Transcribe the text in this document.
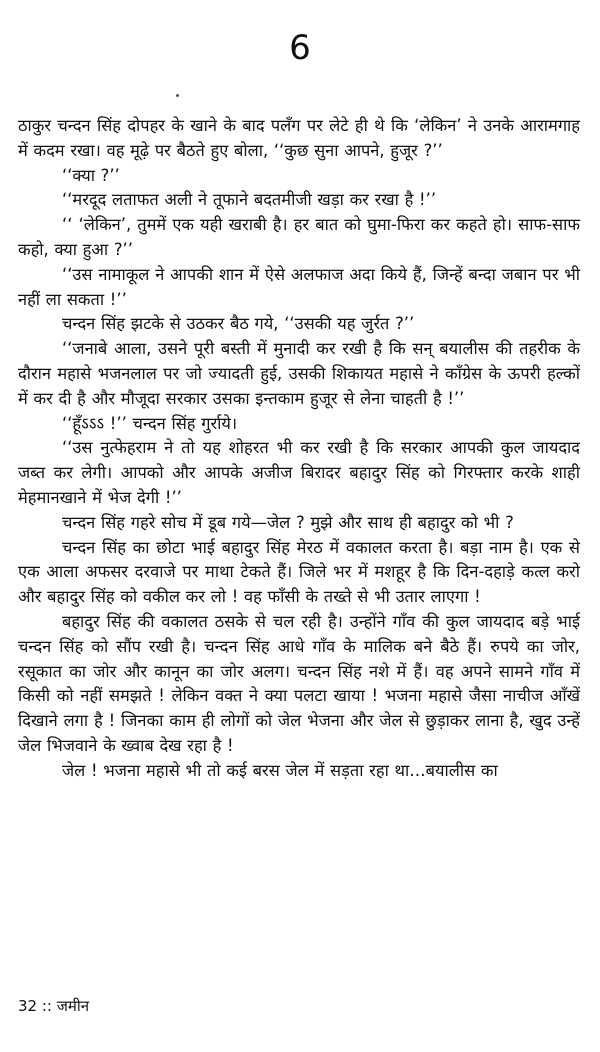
6

ठाकुर चन्दन सिंह दोपहर के खाने के बाद पलँग पर लेटे ही थे कि ‘लेकिन’ ने उनके आरामगाह में कदम रखा। वह मूढ़े पर बैठते हुए बोला, ‘‘कुछ सुना आपने, हुजूर ?’’

‘‘क्या ?’’

‘‘मरदूद लताफत अली ने तूफाने बदतमीजी खड़ा कर रखा है !’’

‘‘ ‘लेकिन’, तुममें एक यही खराबी है। हर बात को घुमा-फिरा कर कहते हो। साफ-साफ कहो, क्या हुआ ?’’

‘‘उस नामाकूल ने आपकी शान में ऐसे अलफाज अदा किये हैं, जिन्हें बन्दा जबान पर भी नहीं ला सकता !’’

चन्दन सिंह झटके से उठकर बैठ गये, ‘‘उसकी यह जुर्रत ?’’

‘‘जनाबे आला, उसने पूरी बस्ती में मुनादी कर रखी है कि सन् बयालीस की तहरीक के दौरान महासे भजनलाल पर जो ज्यादती हुई, उसकी शिकायत महासे ने काँग्रेस के ऊपरी हल्कों में कर दी है और मौजूदा सरकार उसका इन्तकाम हुजूर से लेना चाहती है !’’

‘‘हूँऽऽऽ !’’ चन्दन सिंह गुर्राये।

‘‘उस नुत्फेहराम ने तो यह शोहरत भी कर रखी है कि सरकार आपकी कुल जायदाद जब्त कर लेगी। आपको और आपके अजीज बिरादर बहादुर सिंह को गिरफ्तार करके शाही मेहमानखाने में भेज देगी !’’

चन्दन सिंह गहरे सोच में डूब गये—जेल ? मुझे और साथ ही बहादुर को भी ?

चन्दन सिंह का छोटा भाई बहादुर सिंह मेरठ में वकालत करता है। बड़ा नाम है। एक से एक आला अफसर दरवाजे पर माथा टेकते हैं। जिले भर में मशहूर है कि दिन-दहाड़े कत्ल करो और बहादुर सिंह को वकील कर लो ! वह फाँसी के तख्ते से भी उतार लाएगा !

बहादुर सिंह की वकालत ठसके से चल रही है। उन्होंने गाँव की कुल जायदाद बड़े भाई चन्दन सिंह को सौंप रखी है। चन्दन सिंह आधे गाँव के मालिक बने बैठे हैं। रुपये का जोर, रसूकात का जोर और कानून का जोर अलग। चन्दन सिंह नशे में हैं। वह अपने सामने गाँव में किसी को नहीं समझते ! लेकिन वक्त ने क्या पलटा खाया ! भजना महासे जैसा नाचीज आँखें दिखाने लगा है ! जिनका काम ही लोगों को जेल भेजना और जेल से छुड़ाकर लाना है, खुद उन्हें जेल भिजवाने के ख्वाब देख रहा है !

जेल ! भजना महासे भी तो कई बरस जेल में सड़ता रहा था…बयालीस का

32 :: जमीन
